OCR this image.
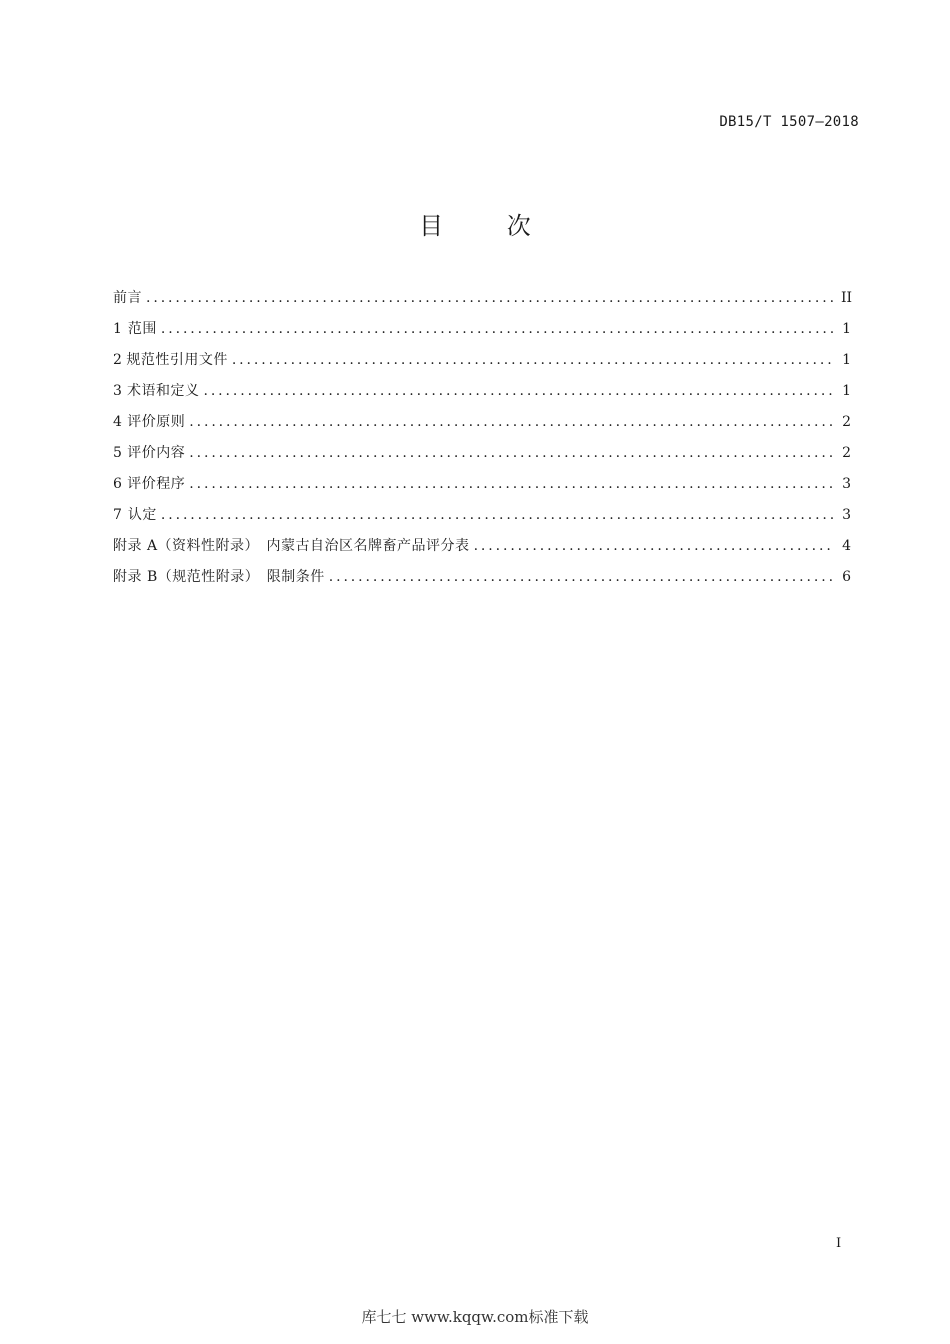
DB15/T 1507—2018
目 次
前言 .....	II
1 范围 .....	1
2 规范性引用文件 .....	1
3 术语和定义 .....	1
4 评价原则 .....	2
5 评价内容 .....	2
6 评价程序 .....	3
7 认定 .....	3
附录 A（资料性附录）　内蒙古自治区名牌畜产品评分表 .....	4
附录 B（规范性附录）　限制条件 .....	6
I
库七七 www.kqqw.com标准下载
